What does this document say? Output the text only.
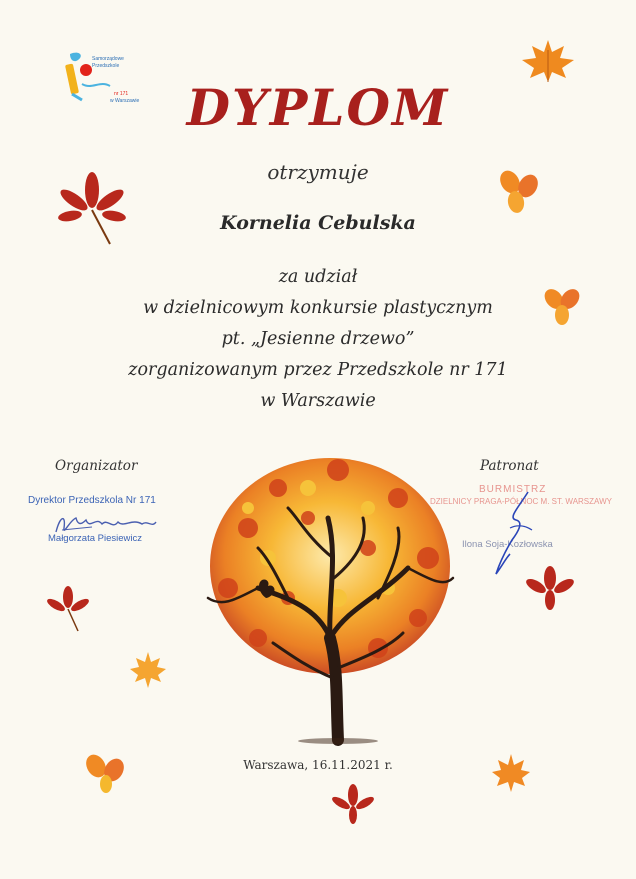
Samorządowe
Przedszkole
nr 171
w Warszawie DYPLOM
otrzymuje
Kornelia Cebulska
za udział
w dzielnicowym konkursie plastycznym
pt. „Jesienne drzewo”
zorganizowanym przez Przedszkole nr 171
w Warszawie
Organizator	Patronat
Dyrektor Przedszkola Nr 171
Małgorzata Piesiewicz
BURMISTRZ
DZIELNICY PRAGA-PÓŁNOC M. ST. WARSZAWY
Ilona Soja-Kozłowska
Warszawa, 16.11.2021 r.
